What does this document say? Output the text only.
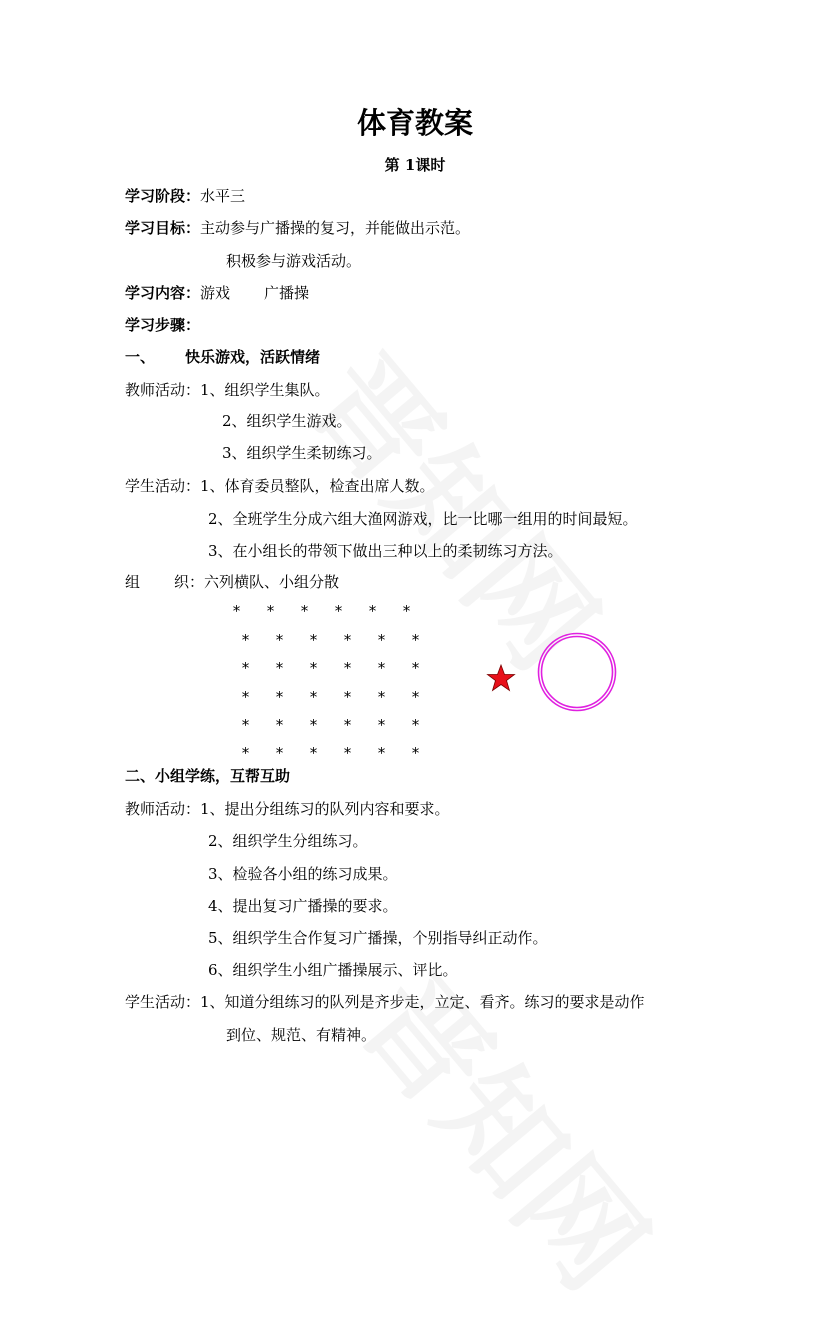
体育教案
第 1课时
学习阶段：水平三
学习目标：主动参与广播操的复习，并能做出示范。
积极参与游戏活动。
学习内容：游戏 广播操
学习步骤：
一、 快乐游戏，活跃情绪
教师活动：1、组织学生集队。
2、组织学生游戏。
3、组织学生柔韧练习。
学生活动：1、体育委员整队，检查出席人数。
2、全班学生分成六组大渔网游戏，比一比哪一组用的时间最短。
3、在小组长的带领下做出三种以上的柔韧练习方法。
组 织：六列横队、小组分散
* * * * * *
* * * * * *
* * * * * *
* * * * * *
* * * * * *
* * * * * *
二、小组学练，互帮互助
教师活动：1、提出分组练习的队列内容和要求。
2、组织学生分组练习。
3、检验各小组的练习成果。
4、提出复习广播操的要求。
5、组织学生合作复习广播操，个别指导纠正动作。
6、组织学生小组广播操展示、评比。
学生活动：1、知道分组练习的队列是齐步走，立定、看齐。练习的要求是动作
到位、规范、有精神。
